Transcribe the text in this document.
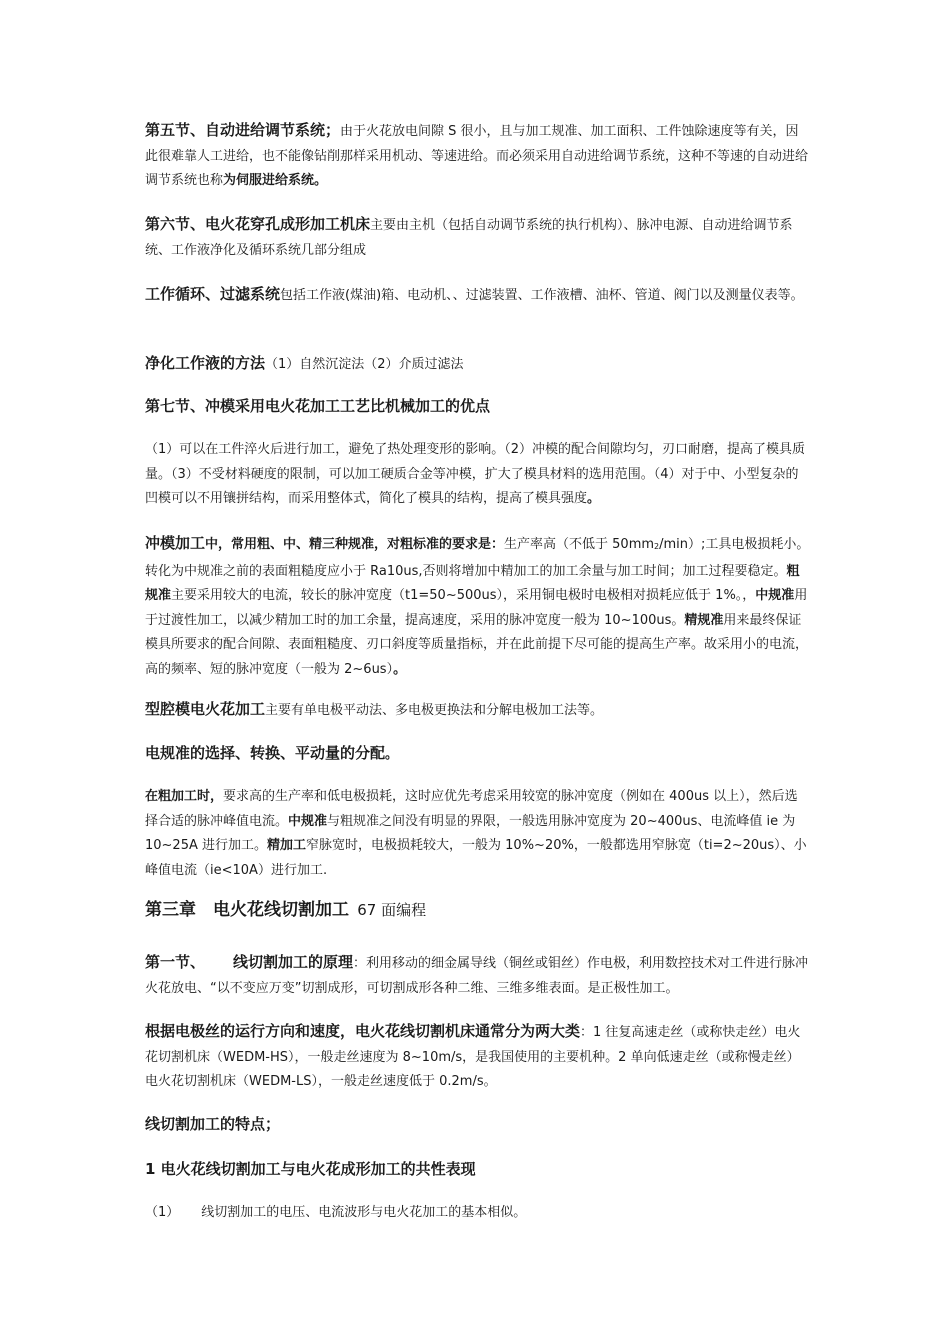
第五节、自动进给调节系统；由于火花放电间隙 S 很小，且与加工规准、加工面积、工件蚀除速度等有关，因此很难靠人工进给，也不能像钻削那样采用机动、等速进给。而必须采用自动进给调节系统，这种不等速的自动进给调节系统也称为伺服进给系统。

第六节、电火花穿孔成形加工机床主要由主机（包括自动调节系统的执行机构）、脉冲电源、自动进给调节系统、工作液净化及循环系统几部分组成

工作循环、过滤系统包括工作液(煤油)箱、电动机、、过滤装置、工作液槽、油杯、管道、阀门以及测量仪表等。

净化工作液的方法（1）自然沉淀法（2）介质过滤法

第七节、冲模采用电火花加工工艺比机械加工的优点

（1）可以在工件淬火后进行加工，避免了热处理变形的影响。（2）冲模的配合间隙均匀，刃口耐磨，提高了模具质量。（3）不受材料硬度的限制，可以加工硬质合金等冲模，扩大了模具材料的选用范围。（4）对于中、小型复杂的凹模可以不用镶拼结构，而采用整体式，简化了模具的结构，提高了模具强度。

冲模加工中，常用粗、中、精三种规准，对粗标准的要求是：生产率高（不低于 50mm2/min）;工具电极损耗小。转化为中规准之前的表面粗糙度应小于 Ra10us,否则将增加中精加工的加工余量与加工时间；加工过程要稳定。粗规准主要采用较大的电流，较长的脉冲宽度（t1=50~500us），采用铜电极时电极相对损耗应低于 1%。，中规准用于过渡性加工，以减少精加工时的加工余量，提高速度，采用的脉冲宽度一般为 10~100us。精规准用来最终保证模具所要求的配合间隙、表面粗糙度、刃口斜度等质量指标，并在此前提下尽可能的提高生产率。故采用小的电流，高的频率、短的脉冲宽度（一般为 2~6us）。

型腔模电火花加工主要有单电极平动法、多电极更换法和分解电极加工法等。

电规准的选择、转换、平动量的分配。

在粗加工时，要求高的生产率和低电极损耗，这时应优先考虑采用较宽的脉冲宽度（例如在 400us 以上），然后选择合适的脉冲峰值电流。中规准与粗规准之间没有明显的界限，一般选用脉冲宽度为 20~400us、电流峰值 ie 为 10~25A 进行加工。精加工窄脉宽时，电极损耗较大，一般为 10%~20%，一般都选用窄脉宽（ti=2~20us）、小峰值电流（ie<10A）进行加工.

第三章　电火花线切割加工 67 面编程

第一节、 线切割加工的原理：利用移动的细金属导线（铜丝或钼丝）作电极，利用数控技术对工件进行脉冲火花放电、“以不变应万变”切割成形，可切割成形各种二维、三维多维表面。是正极性加工。

根据电极丝的运行方向和速度，电火花线切割机床通常分为两大类：1 往复高速走丝（或称快走丝）电火花切割机床（WEDM-HS），一般走丝速度为 8~10m/s，是我国使用的主要机种。2 单向低速走丝（或称慢走丝）电火花切割机床（WEDM-LS），一般走丝速度低于 0.2m/s。

线切割加工的特点；

1 电火花线切割加工与电火花成形加工的共性表现

（1） 线切割加工的电压、电流波形与电火花加工的基本相似。
